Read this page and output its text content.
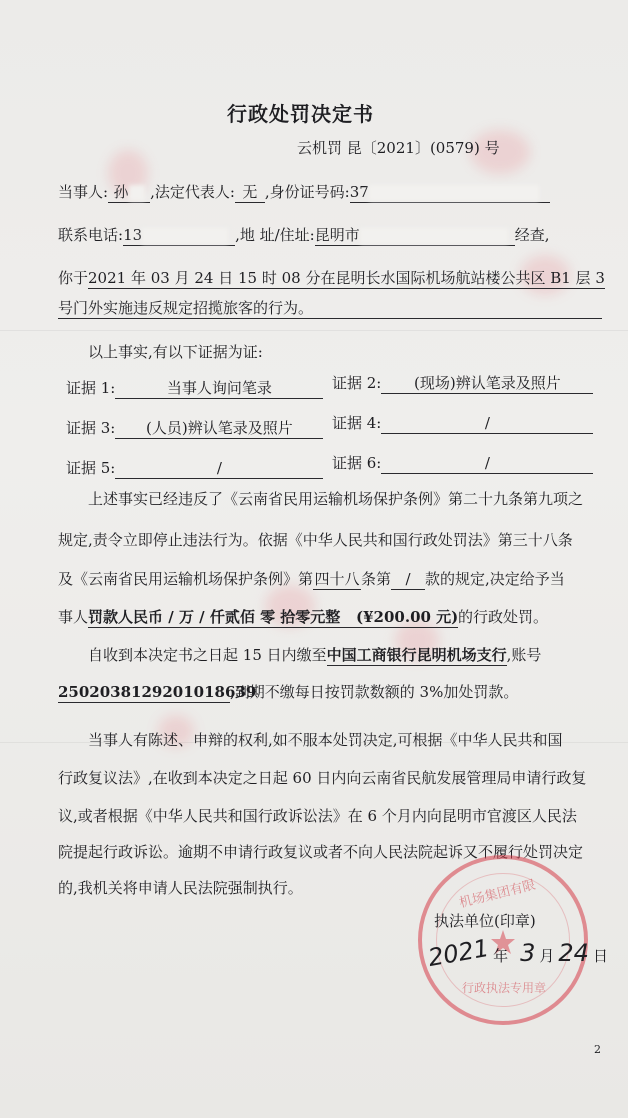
行政处罚决定书
云机罚 昆〔2021〕(0579) 号
当事人: 孙 ,法定代表人: 无 ,身份证号码:37
联系电话:13	,地 址/住址:昆明市	经查,
你于2021 年 03 月 24 日 15 时 08 分在昆明长水国际机场航站楼公共区 B1 层 3
号门外实施违反规定招揽旅客的行为。
以上事实,有以下证据为证:
证据 1:	当事人询问笔录	证据 2: (现场)辨认笔录及照片
证据 3: (人员)辨认笔录及照片	证据 4:	/
证据 5:	/	证据 6:	/
上述事实已经违反了《云南省民用运输机场保护条例》第二十九条第九项之
规定,责令立即停止违法行为。依据《中华人民共和国行政处罚法》第三十八条
及《云南省民用运输机场保护条例》第四十八 条第 / 款的规定,决定给予当
事人罚款人民币 / 万 / 仟贰佰 零 拾零元整 (¥200.00 元)的行政处罚。
自收到本决定书之日起 15 日内缴至中国工商银行昆明机场支行,账号
2502038129201018639,到期不缴每日按罚款数额的 3%加处罚款。
当事人有陈述、申辩的权利,如不服本处罚决定,可根据《中华人民共和国
行政复议法》,在收到本决定之日起 60 日内向云南省民航发展管理局申请行政复
议,或者根据《中华人民共和国行政诉讼法》在 6 个月内向昆明市官渡区人民法
院提起行政诉讼。逾期不申请行政复议或者不向人民法院起诉又不履行处罚决定
的,我机关将申请人民法院强制执行。	机场集团有限
行政执法专用章
执法单位(印章)
2021 年 3 月 24 日
2
